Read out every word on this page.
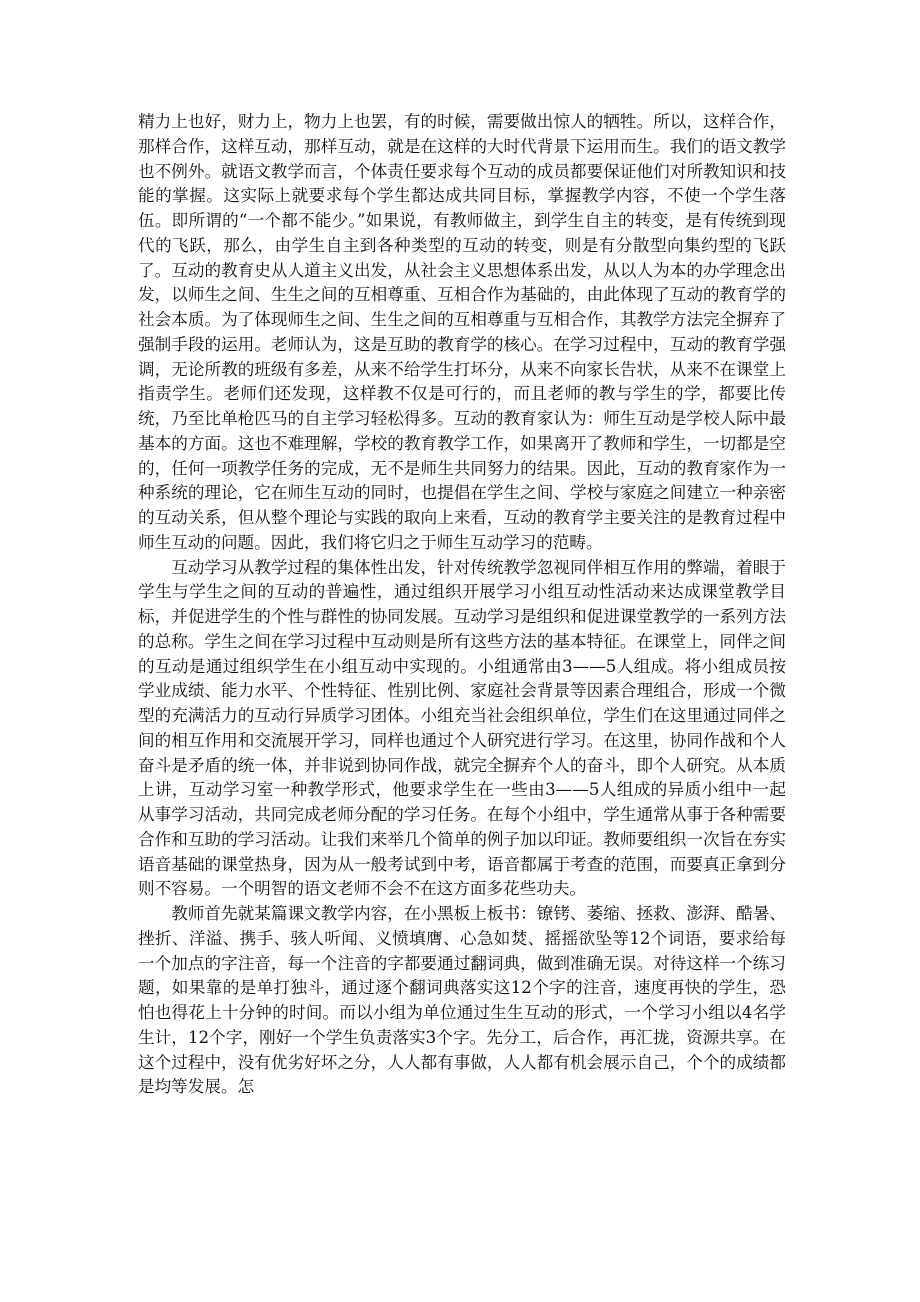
精力上也好，财力上，物力上也罢，有的时候，需要做出惊人的牺牲。所以，这样合作，那样合作，这样互动，那样互动，就是在这样的大时代背景下运用而生。我们的语文教学也不例外。就语文教学而言，个体责任要求每个互动的成员都要保证他们对所教知识和技能的掌握。这实际上就要求每个学生都达成共同目标，掌握教学内容，不使一个学生落伍。即所谓的“一个都不能少。”如果说，有教师做主，到学生自主的转变，是有传统到现代的飞跃，那么，由学生自主到各种类型的互动的转变，则是有分散型向集约型的飞跃了。互动的教育史从人道主义出发，从社会主义思想体系出发，从以人为本的办学理念出发，以师生之间、生生之间的互相尊重、互相合作为基础的，由此体现了互动的教育学的社会本质。为了体现师生之间、生生之间的互相尊重与互相合作，其教学方法完全摒弃了强制手段的运用。老师认为，这是互助的教育学的核心。在学习过程中，互动的教育学强调，无论所教的班级有多差，从来不给学生打坏分，从来不向家长告状，从来不在课堂上指责学生。老师们还发现，这样教不仅是可行的，而且老师的教与学生的学，都要比传统，乃至比单枪匹马的自主学习轻松得多。互动的教育家认为：师生互动是学校人际中最基本的方面。这也不难理解，学校的教育教学工作，如果离开了教师和学生，一切都是空的，任何一项教学任务的完成，无不是师生共同努力的结果。因此，互动的教育家作为一种系统的理论，它在师生互动的同时，也提倡在学生之间、学校与家庭之间建立一种亲密的互动关系，但从整个理论与实践的取向上来看，互动的教育学主要关注的是教育过程中师生互动的问题。因此，我们将它归之于师生互动学习的范畴。

互动学习从教学过程的集体性出发，针对传统教学忽视同伴相互作用的弊端，着眼于学生与学生之间的互动的普遍性，通过组织开展学习小组互动性活动来达成课堂教学目标，并促进学生的个性与群性的协同发展。互动学习是组织和促进课堂教学的一系列方法的总称。学生之间在学习过程中互动则是所有这些方法的基本特征。在课堂上，同伴之间的互动是通过组织学生在小组互动中实现的。小组通常由3——5人组成。将小组成员按学业成绩、能力水平、个性特征、性别比例、家庭社会背景等因素合理组合，形成一个微型的充满活力的互动行异质学习团体。小组充当社会组织单位，学生们在这里通过同伴之间的相互作用和交流展开学习，同样也通过个人研究进行学习。在这里，协同作战和个人奋斗是矛盾的统一体，并非说到协同作战，就完全摒弃个人的奋斗，即个人研究。从本质上讲，互动学习室一种教学形式，他要求学生在一些由3——5人组成的异质小组中一起从事学习活动，共同完成老师分配的学习任务。在每个小组中，学生通常从事于各种需要合作和互助的学习活动。让我们来举几个简单的例子加以印证。教师要组织一次旨在夯实语音基础的课堂热身，因为从一般考试到中考，语音都属于考查的范围，而要真正拿到分则不容易。一个明智的语文老师不会不在这方面多花些功夫。

教师首先就某篇课文教学内容，在小黑板上板书：镣铐、萎缩、拯救、澎湃、酷暑、挫折、洋溢、携手、骇人听闻、义愤填膺、心急如焚、摇摇欲坠等12个词语，要求给每一个加点的字注音，每一个注音的字都要通过翻词典，做到准确无误。对待这样一个练习题，如果靠的是单打独斗，通过逐个翻词典落实这12个字的注音，速度再快的学生，恐怕也得花上十分钟的时间。而以小组为单位通过生生互动的形式，一个学习小组以4名学生计，12个字，刚好一个学生负责落实3个字。先分工，后合作，再汇拢，资源共享。在这个过程中，没有优劣好坏之分，人人都有事做，人人都有机会展示自己，个个的成绩都是均等发展。怎
